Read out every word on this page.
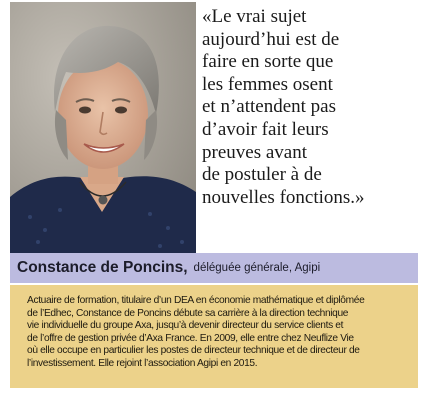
«Le vrai sujet
aujourd’hui est de
faire en sorte que
les femmes osent
et n’attendent pas
d’avoir fait leurs
preuves avant
de postuler à de
nouvelles fonctions.»
Constance de Poncins, déléguée générale, Agipi
Actuaire de formation, titulaire d’un DEA en économie mathématique et diplômée
de l’Edhec, Constance de Poncins débute sa carrière à la direction technique
vie individuelle du groupe Axa, jusqu’à devenir directeur du service clients et
de l’offre de gestion privée d’Axa France. En 2009, elle entre chez Neuflize Vie
où elle occupe en particulier les postes de directeur technique et de directeur de
l’investissement. Elle rejoint l’association Agipi en 2015.
